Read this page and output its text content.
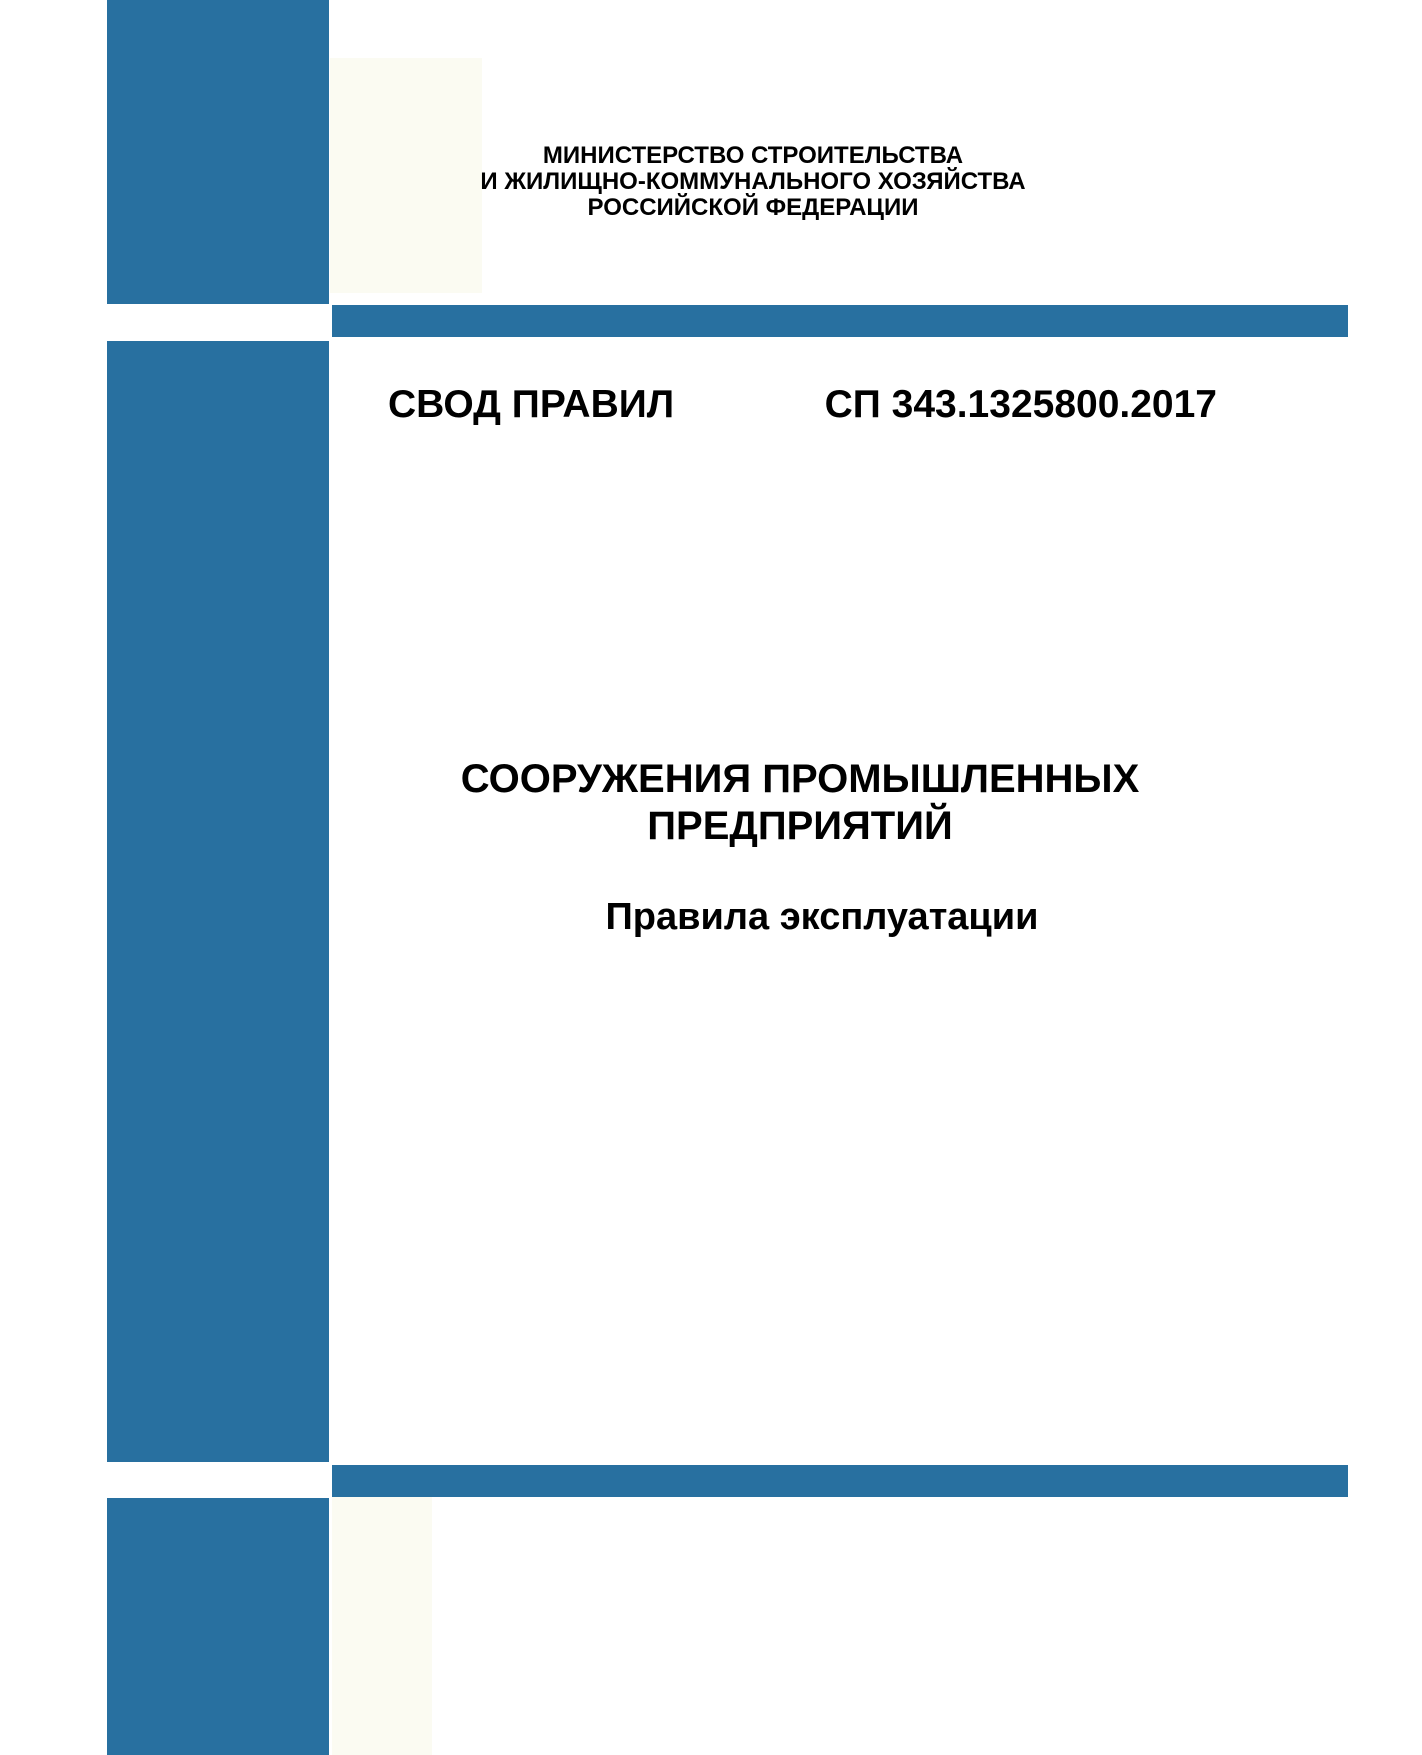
МИНИСТЕРСТВО СТРОИТЕЛЬСТВА
И ЖИЛИЩНО-КОММУНАЛЬНОГО ХОЗЯЙСТВА
РОССИЙСКОЙ ФЕДЕРАЦИИ
СВОД ПРАВИЛ	СП 343.1325800.2017
СООРУЖЕНИЯ ПРОМЫШЛЕННЫХ
ПРЕДПРИЯТИЙ
Правила эксплуатации
